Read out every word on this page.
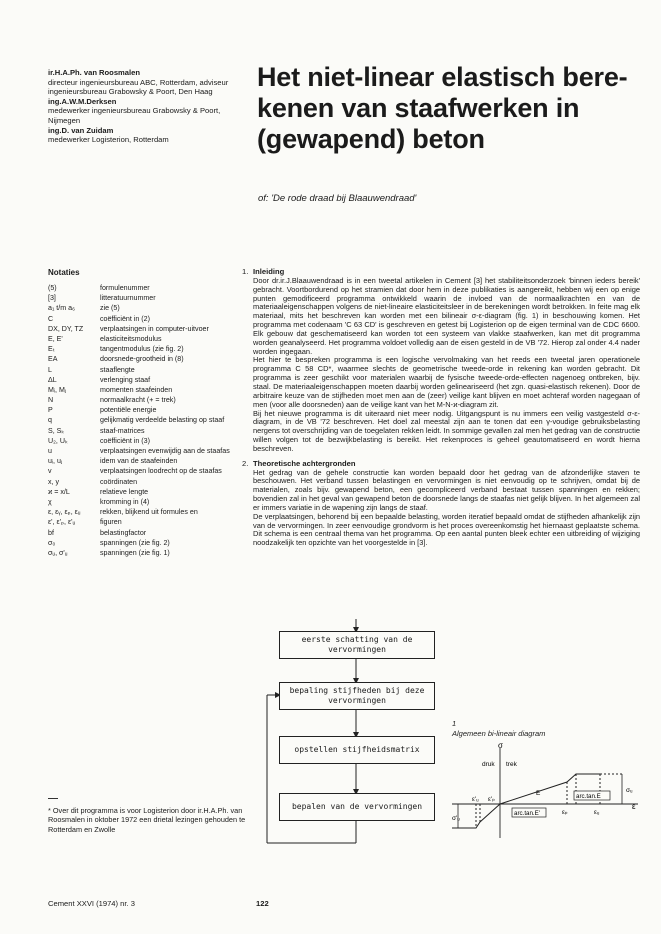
ir.H.A.Ph. van Roosmalen
directeur ingenieursbureau ABC, Rotterdam, adviseur ingenieursbureau Grabowsky & Poort, Den Haag
ing.A.W.M.Derksen
medewerker ingenieursbureau Grabowsky & Poort, Nijmegen
ing.D. van Zuidam
medewerker Logisterion, Rotterdam
Het niet-linear elastisch bere-kenen van staafwerken in (gewapend) beton
of: 'De rode draad bij Blaauwendraad'
Notaties
(5)	formulenummer
[3]	litteratuurnummer
a₁ t/m a₆	zie (5)
C	coëfficiënt in (2)
DX, DY, TZ	verplaatsingen in computer-uitvoer
E, E'	elasticiteitsmodulus
Eₜ	tangentmodulus (zie fig. 2)
EA	doorsnede-grootheid in (8)
L	staaflengte
ΔL	verlenging staaf
Mᵢ, Mⱼ	momenten staafeinden
N	normaalkracht (+ = trek)
P	potentiële energie
q	gelijkmatig verdeelde belasting op staaf
S, Sₖ	staaf-matrices
U₂, Uₖ	coëfficiënt in (3)
u	verplaatsingen evenwijdig aan de staafas
uᵢ, uⱼ	idem van de staafeinden
v	verplaatsingen loodrecht op de staafas
x, y	coördinaten
ϰ = x/L	relatieve lengte
χ	kromming in (4)
ε, εᵧ, εₚ, εᵤ	rekken, blijkend uit formules en
ε', ε'ₚ, ε'ᵤ	figuren
bf	belastingfactor
σ₀	spanningen (zie fig. 2)
σᵤ, σ'ᵤ	spanningen (zie fig. 1)
* Over dit programma is voor Logisterion door ir.H.A.Ph. van Roosmalen in oktober 1972 een drietal lezingen gehouden te Rotterdam en Zwolle
1. Inleiding

Door dr.ir.J.Blaauwendraad is in een tweetal artikelen in Cement [3] het stabiliteitsonderzoek 'binnen ieders bereik' gebracht. Voortbordurend op het stramien dat door hem in deze publikaties is aangereikt, hebben wij een op enige punten gemodificeerd programma ontwikkeld waarin de invloed van de normaalkrachten en van de materiaaleigenschappen volgens de niet-lineaire elasticiteitsleer in de berekeningen wordt betrokken. In feite mag elk materiaal, mits het beschreven kan worden met een bilineair σ-ε-diagram (fig. 1) in beschouwing komen. Het programma met codenaam 'C 63 CD' is geschreven en getest bij Logisterion op de eigen terminal van de CDC 6600. Elk gebouw dat geschematiseerd kan worden tot een systeem van vlakke staafwerken, kan met dit programma worden geanalyseerd. Het programma voldoet volledig aan de eisen gesteld in de VB '72. Hierop zal onder 4.4 nader worden ingegaan.

Het hier te bespreken programma is een logische vervolmaking van het reeds een tweetal jaren operationele programma C 58 CD*, waarmee slechts de geometrische tweede-orde in rekening kan worden gebracht. Dit programma is zeer geschikt voor materialen waarbij de fysische tweede-orde-effecten nagenoeg ontbreken, bijv. staal. De materiaaleigenschappen moeten daarbij worden gelineariseerd (het zgn. quasi-elastisch rekenen). Door de arbitraire keuze van de stijfheden moet men aan de (zeer) veilige kant blijven en moet achteraf worden nagegaan of men (voor alle doorsneden) aan de veilige kant van het M-N-ϰ-diagram zit.

Bij het nieuwe programma is dit uiteraard niet meer nodig. Uitgangspunt is nu immers een veilig vastgesteld σ-ε-diagram, in de VB '72 beschreven. Het doel zal meestal zijn aan te tonen dat een γ-voudige gebruiksbelasting nergens tot overschrijding van de toegelaten rekken leidt. In sommige gevallen zal men het gedrag van de constructie willen volgen tot de bezwijkbelasting is bereikt. Het rekenproces is geheel geautomatiseerd en wordt hierna beschreven.

2. Theoretische achtergronden

Het gedrag van de gehele constructie kan worden bepaald door het gedrag van de afzonderlijke staven te beschouwen. Het verband tussen belastingen en vervormingen is niet eenvoudig op te schrijven, omdat bij de materialen, zoals bijv. gewapend beton, een gecompliceerd verband bestaat tussen spanningen en rekken; bovendien zal in het geval van gewapend beton de doorsnede langs de staafas niet gelijk blijven. In het algemeen zal er immers variatie in de wapening zijn langs de staaf.

De verplaatsingen, behorend bij een bepaalde belasting, worden iteratief bepaald omdat de stijfheden afhankelijk zijn van de vervormingen. In zeer eenvoudige grondvorm is het proces overeenkomstig het hiernaast geplaatste schema. Dit schema is een centraal thema van het programma. Op een aantal punten bleek echter een uitbreiding of wijziging noodzakelijk ten opzichte van het voorgestelde in [3].

eerste schatting van de vervormingen
bepaling stijfheden bij deze vervormingen
opstellen stijfheidsmatrix
bepalen van de vervormingen
1
Algemeen bi-lineair diagram
arc.tan.E
arc.tan.E'
σ
druk trek
ε
ε'ᵤ ε'ₚ
σᵤ
σ'ᵤ
εₚ	εᵤ
E
Cement XXVI (1974) nr. 3	122
